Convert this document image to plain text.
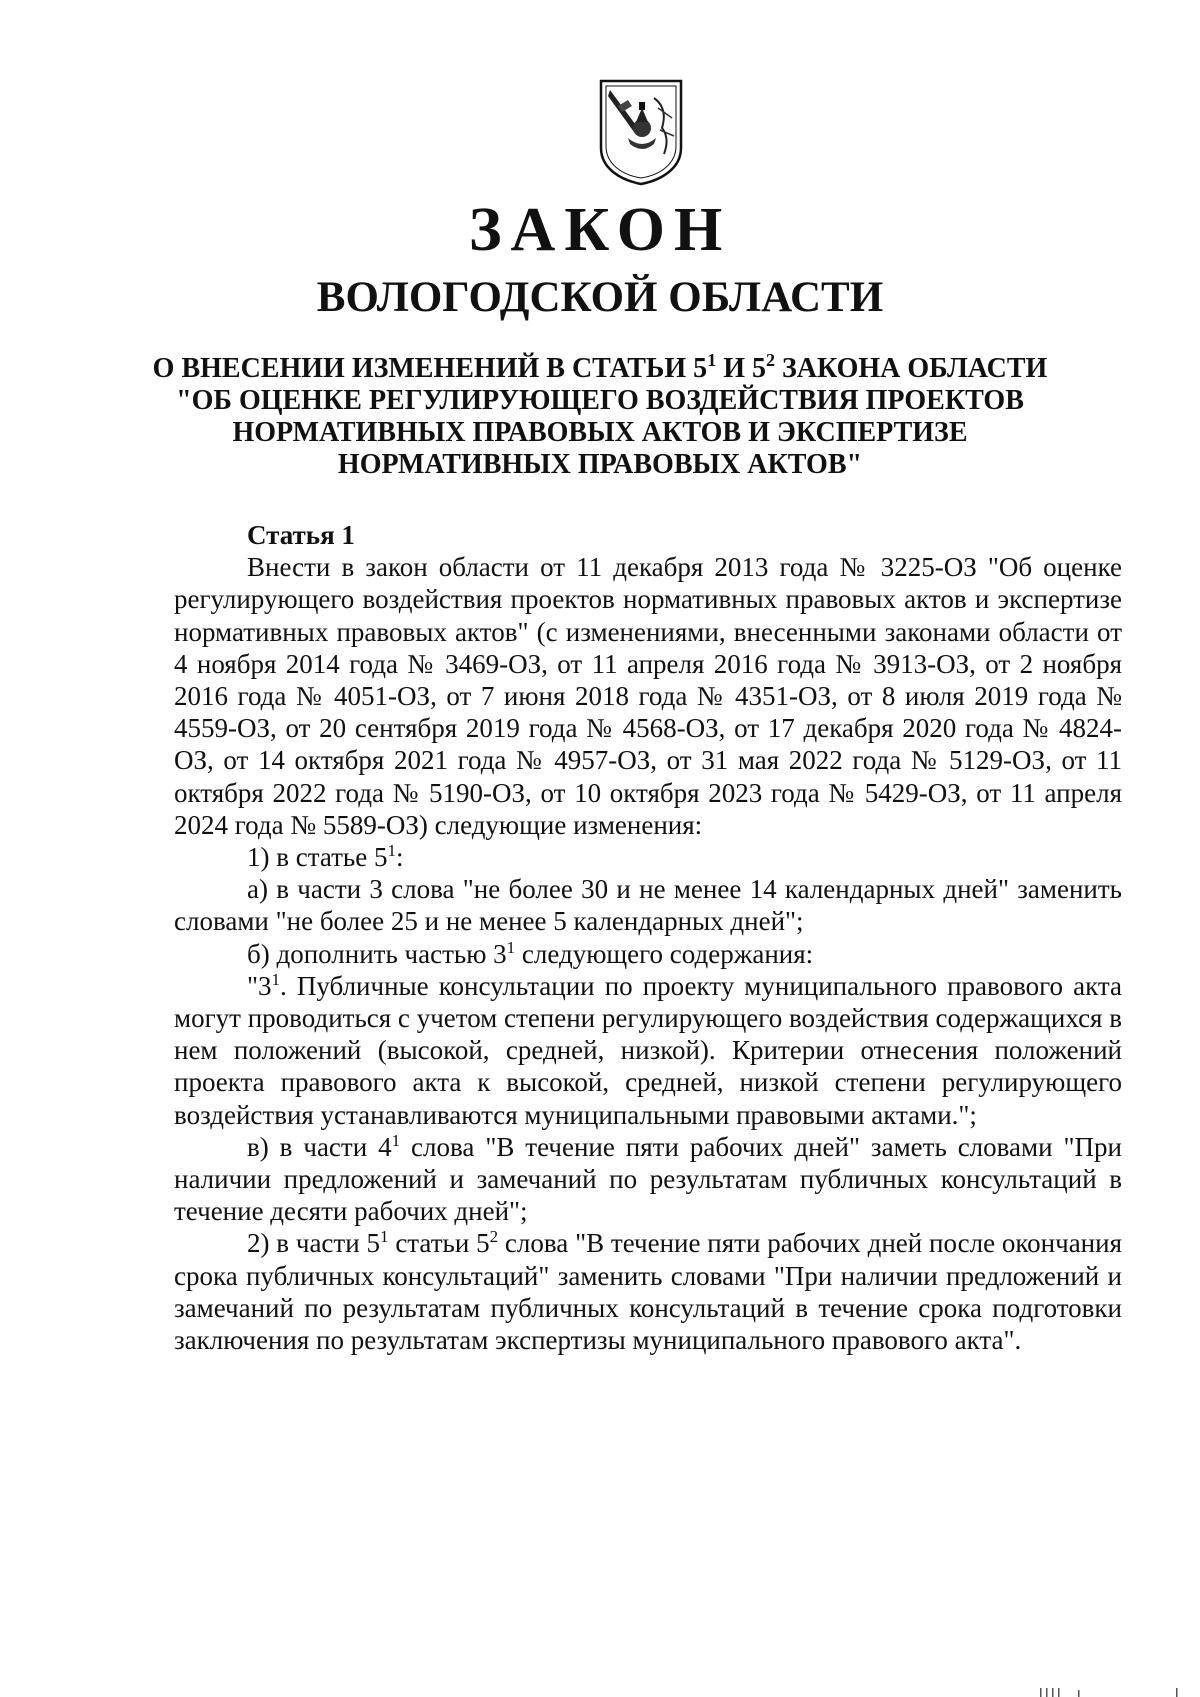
ЗАКОН
ВОЛОГОДСКОЙ ОБЛАСТИ
О ВНЕСЕНИИ ИЗМЕНЕНИЙ В СТАТЬИ $5^1$ И $5^2$ ЗАКОНА ОБЛАСТИ
"ОБ ОЦЕНКЕ РЕГУЛИРУЮЩЕГО ВОЗДЕЙСТВИЯ ПРОЕКТОВ
НОРМАТИВНЫХ ПРАВОВЫХ АКТОВ И ЭКСПЕРТИЗЕ
НОРМАТИВНЫХ ПРАВОВЫХ АКТОВ"
Статья 1

Внести в закон области от 11 декабря 2013 года № 3225-ОЗ "Об оценке регулирующего воздействия проектов нормативных правовых актов и экспертизе нормативных правовых актов" (с изменениями, внесенными законами области от 4 ноября 2014 года № 3469-ОЗ, от 11 апреля 2016 года № 3913-ОЗ, от 2 ноября 2016 года № 4051-ОЗ, от 7 июня 2018 года № 4351-ОЗ, от 8 июля 2019 года № 4559-ОЗ, от 20 сентября 2019 года № 4568-ОЗ, от 17 декабря 2020 года № 4824-ОЗ, от 14 октября 2021 года № 4957-ОЗ, от 31 мая 2022 года № 5129-ОЗ, от 11 октября 2022 года № 5190-ОЗ, от 10 октября 2023 года № 5429-ОЗ, от 11 апреля 2024 года № 5589-ОЗ) следующие изменения:

1) в статье $5^1$:

а) в части 3 слова "не более 30 и не менее 14 календарных дней" заменить словами "не более 25 и не менее 5 календарных дней";

б) дополнить частью $3^1$ следующего содержания:

"$3^1$. Публичные консультации по проекту муниципального правового акта могут проводиться с учетом степени регулирующего воздействия содержащихся в нем положений (высокой, средней, низкой). Критерии отнесения положений проекта правового акта к высокой, средней, низкой степени регулирующего воздействия устанавливаются муниципальными правовыми актами.";

в) в части $4^1$ слова "В течение пяти рабочих дней" заметь словами "При наличии предложений и замечаний по результатам публичных консультаций в течение десяти рабочих дней";

2) в части $5^1$ статьи $5^2$ слова "В течение пяти рабочих дней после окончания срока публичных консультаций" заменить словами "При наличии предложений и замечаний по результатам публичных консультаций в течение срока подготовки заключения по результатам экспертизы муниципального правового акта".
